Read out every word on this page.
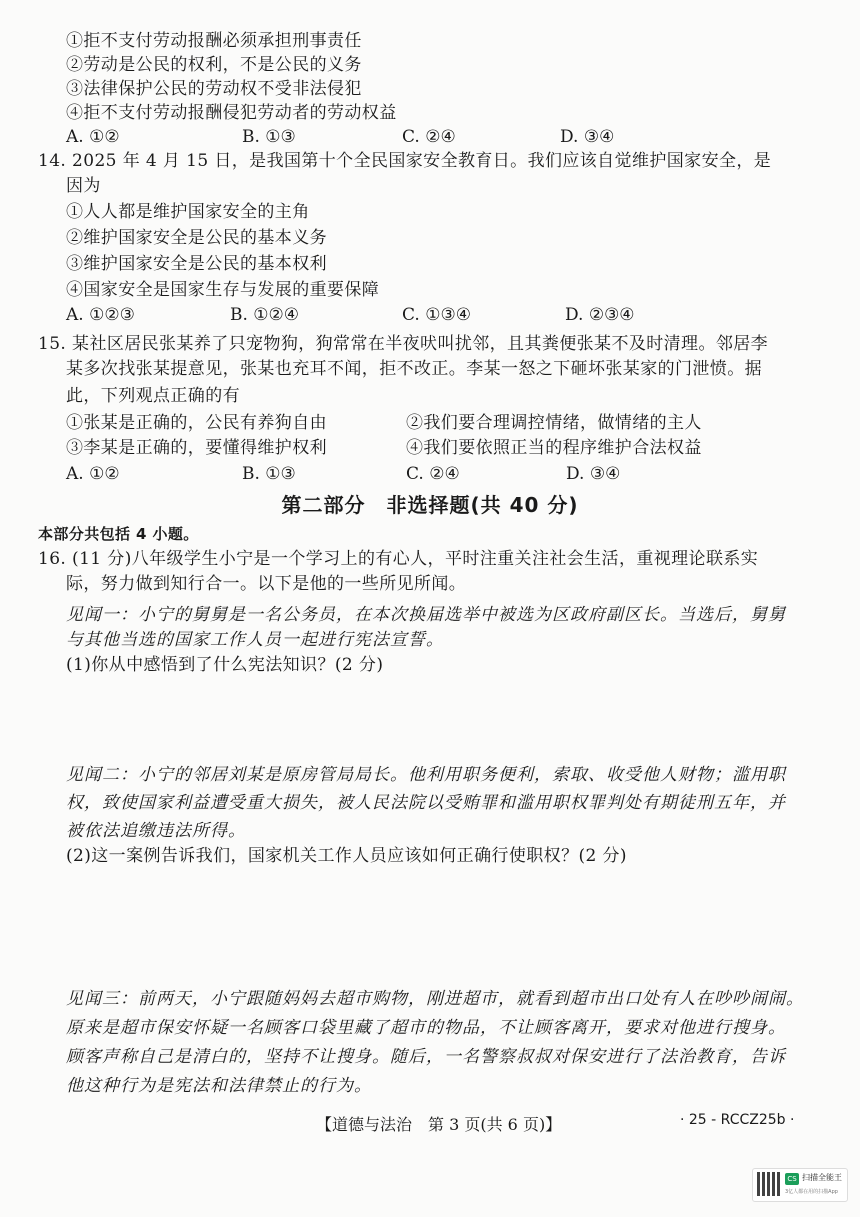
①拒不支付劳动报酬必须承担刑事责任
②劳动是公民的权利，不是公民的义务
③法律保护公民的劳动权不受非法侵犯
④拒不支付劳动报酬侵犯劳动者的劳动权益
A. ①②	B. ①③	C. ②④	D. ③④
14. 2025 年 4 月 15 日，是我国第十个全民国家安全教育日。我们应该自觉维护国家安全，是
因为
①人人都是维护国家安全的主角
②维护国家安全是公民的基本义务
③维护国家安全是公民的基本权利
④国家安全是国家生存与发展的重要保障
A. ①②③	B. ①②④	C. ①③④	D. ②③④
15. 某社区居民张某养了只宠物狗，狗常常在半夜吠叫扰邻，且其粪便张某不及时清理。邻居李
某多次找张某提意见，张某也充耳不闻，拒不改正。李某一怒之下砸坏张某家的门泄愤。据
此，下列观点正确的有
①张某是正确的，公民有养狗自由	②我们要合理调控情绪，做情绪的主人
③李某是正确的，要懂得维护权利	④我们要依照正当的程序维护合法权益
A. ①②	B. ①③	C. ②④	D. ③④
第二部分　非选择题(共 40 分)
本部分共包括 4 小题。
16. (11 分)八年级学生小宁是一个学习上的有心人，平时注重关注社会生活，重视理论联系实
际，努力做到知行合一。以下是他的一些所见所闻。
见闻一：小宁的舅舅是一名公务员，在本次换届选举中被选为区政府副区长。当选后，舅舅
与其他当选的国家工作人员一起进行宪法宣誓。
(1)你从中感悟到了什么宪法知识？(2 分)
见闻二：小宁的邻居刘某是原房管局局长。他利用职务便利，索取、收受他人财物；滥用职
权，致使国家利益遭受重大损失，被人民法院以受贿罪和滥用职权罪判处有期徒刑五年，并
被依法追缴违法所得。
(2)这一案例告诉我们，国家机关工作人员应该如何正确行使职权？(2 分)
见闻三：前两天，小宁跟随妈妈去超市购物，刚进超市，就看到超市出口处有人在吵吵闹闹。
原来是超市保安怀疑一名顾客口袋里藏了超市的物品，不让顾客离开，要求对他进行搜身。
顾客声称自己是清白的，坚持不让搜身。随后，一名警察叔叔对保安进行了法治教育，告诉
他这种行为是宪法和法律禁止的行为。
【道德与法治　第 3 页(共 6 页)】	· 25 - RCCZ25b ·
CS 扫描全能王
3亿人都在用的扫描App
